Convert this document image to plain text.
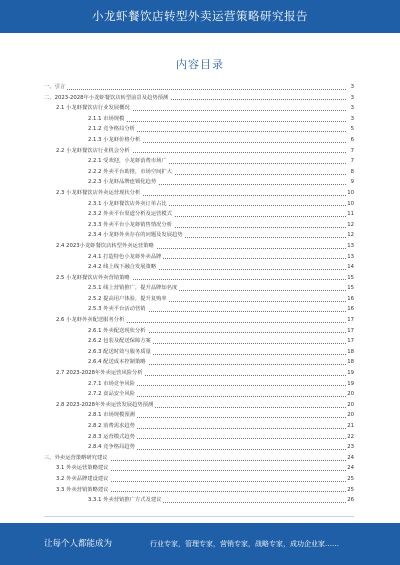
小龙虾餐饮店转型外卖运营策略研究报告
内容目录
一、引言	3
二、2023-2028年小龙虾餐饮店转型前景及趋势预测	3
2.1 小龙虾餐饮店行业发展概况	3
2.1.1 市场规模	3
2.1.2 竞争格局分析	5
2.1.3 小龙虾价格分析	6
2.2 小龙虾餐饮店行业机会分析	7
2.2.1 受欢迎，小龙虾消费市场广	7
2.2.2 外卖平台助推，市场空间扩大	8
2.2.3 小龙虾品牌连锁化趋势	9
2.3 小龙虾餐饮店外卖运营现状分析	10
2.3.1 小龙虾餐饮店外卖订单占比	10
2.3.2 外卖平台渠道分析及运营模式	11
2.3.3 外卖平台小龙虾销售情况分析	12
2.3.4 小龙虾外卖存在的问题及发展趋势	12
2.4 2023小龙虾餐饮店转型外卖运营策略	13
2.4.1 打造特色小龙虾外卖品牌	13
2.4.2 线上线下融合发展策略	14
2.5 小龙虾餐饮店外卖营销策略	15
2.5.1 线上营销推广，提升品牌知名度	15
2.5.2 提高用户体验，提升复购率	16
2.5.3 外卖平台活动营销	16
2.6 小龙虾外卖配送服务分析	17
2.6.1 外卖配送现状分析	17
2.6.2 包装及配送保障方案	17
2.6.3 配送时效与服务质量	18
2.6.4 配送成本控制策略	18
2.7 2023-2028年外卖运营风险分析	19
2.7.1 市场竞争风险	19
2.7.2 食品安全风险	20
2.8 2023-2028年外卖运营发展趋势预测	20
2.8.1 市场规模预测	20
2.8.2 消费需求趋势	21
2.8.3 运营模式趋势	22
2.8.4 竞争格局趋势	23
三、外卖运营策略研究建议	24
3.1 外卖运营策略建议	24
3.2 外卖品牌建设建议	25
3.3 外卖营销策略建议	25
3.3.1 外卖营销推广方式及建议	26
让每个人都能成为	行业专家，管理专家，营销专家，战略专家，成功企业家……
